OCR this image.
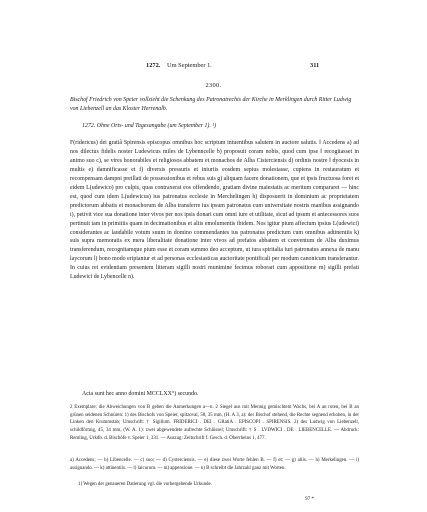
1272. Um September 1.	311
2300.

Bischof Friedrich von Speier vollzieht die Schenkung des Patronatrechts der Kirche in Merklingen durch Ritter Ludwig von Liebenzell an das Kloster Herrenalb.

1272. Ohne Orts- und Tagesangabe (um September 1). ¹)

F(ridericus) dei gratiâ Spirensis episcopus omnibus hoc scriptum intuentibus salutem in auctore salutis. ‖ Accedens a) ad nos dilectus fidelis noster Ludewicus miles de Lybenncelle b) proposuit coram nobis, quod cum ipse ‖ recogitasset in animo suo c), se vires honorabiles et religiosos abbatem et monachos de Alba Cisterciensis d) ordinis nostre ‖ dyocesis in multis e) damnificasse et f) diversis pressuris et iniuriis eosdem sepius molestasse, cupiens in restauratum et recompensam dampni preillati de possessionibus et rebus suis g) aliquam facere donationem, que et ipsis fructuosa foret et eidem L(udewico) pro culpis, quas contraxerat eos offendendo, gratiam divine maiestatis ac meritum compararet — hinc est, quod cum idem L(udewicus) ius patronatus ecclesie in Merchelingen h) disposuerit in dominium ac proprietatem predictorum abbatis et monachorum de Alba transferre ius ipsum patronatus cum universitate nostris manibus assignando i), petivit vice sua donatione inter vivos per nos ipsis donari cum omni iure et utilitate, sicut ad ipsum et antecessores suos pertinuit tam in primitiis quam in decimationibus et aliis emolumentis ibidem. Nos igitur pium affectum ipsius L(udewici) considerantes ac laudabile votum suum in domino commendantes ius patronatus predictum cum omnibus adtinentiis k) suis supra memoratis ex mera liberalitate donatione inter vivos ad prefatos abbatem et conventum de Alba duximus transferendum, recognitamque pium esse et coram summo deo acceptum, ut iura spiritalia iuri patronatus annexa de manu laycorum l) bono modo eripiantur et ad personas ecclesiasticas auctoritate pontificali per modum canonicum transferantur. In cuius rei evidentiam presentem litteram sigilli nostri munimine fecimus roborari cum appositione m) sigilli prefati Ludewici de Lybencelle n).

Acta sunt hec anno domini MCCLXX°) secundo.

2 Exemplare; die Abweichungen von B geben die Anmerkungen a—n. 2 Siegel aus mit Mennig gemischtem Wachs, bei A an roten, bei B an grünen seidenen Schnüren: 1) des Bischofs von Speier, spitzoval, 58, 35 mm, (H. A 3, a): der Bischof stehend, die Rechte segnend erhoben, in der Linken den Krummstab; Umschrift: † Sigillum. FRIDERICI . DEI . GRatiA . EPISCOPI . SPIRENSIS. 2) des Ludwig von Liebenzell, schildförmig, 45, 34 mm, (W. A. 1): zwei abgewendete aufrechte Schlüssel; Umschrift: † S . LVDWICI . DE . LIEBENCELLE. — Abdruck: Remling, Urkdb. d. Bischöfe v. Speier 1, 331. — Auszug: Zeitschrift f. Gesch. d. Oberrheins 1, 477.

a) Accedens; — b) Libencelle. — c) suo; — d) Cysterciensis. — e) diese zwei Worte fehlen B. — f) et; — g) aliis. — h) Merkelingen. — i) assignando. — k) attinentiis. — l) laicorum. — m) appensione. — n) B schreibt die Jahrzahl ganz mit Worten.

1) Wegen der genaueren Datierung vgl. die vorhergehende Urkunde.

97 *
